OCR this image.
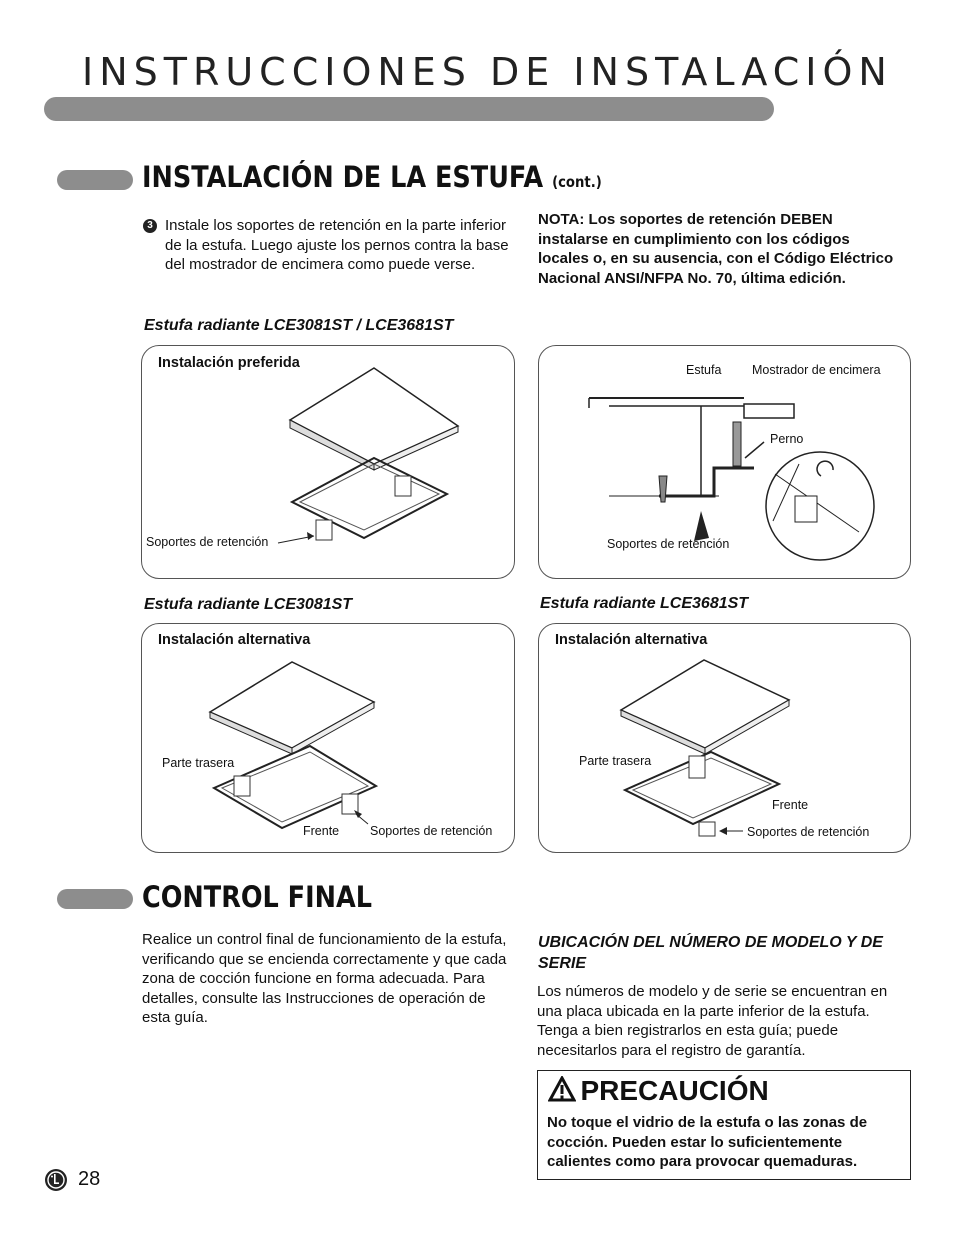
INSTRUCCIONES DE INSTALACIÓN
INSTALACIÓN DE LA ESTUFA (cont.)
3 Instale los soportes de retención en la parte inferior de la estufa. Luego ajuste los pernos contra la base del mostrador de encimera como puede verse.
NOTA: Los soportes de retención DEBEN instalarse en cumplimiento con los códigos locales o, en su ausencia, con el Código Eléctrico Nacional ANSI/NFPA No. 70, última edición.
Estufa radiante LCE3081ST / LCE3681ST
Instalación preferida
Soportes de retención
Estufa Mostrador de encimera
Perno
Soportes de retención
Estufa radiante LCE3081ST	Estufa radiante LCE3681ST
Instalación alternativa
Parte trasera
Frente Soportes de retención
Instalación alternativa
Parte trasera
Frente
Soportes de retención
CONTROL FINAL
Realice un control final de funcionamiento de la estufa, verificando que se encienda correctamente y que cada zona de cocción funcione en forma adecuada. Para detalles, consulte las Instrucciones de operación de esta guía.
UBICACIÓN DEL NÚMERO DE MODELO Y DE SERIE
Los números de modelo y de serie se encuentran en una placa ubicada en la parte inferior de la estufa. Tenga a bien registrarlos en esta guía; puede necesitarlos para el registro de garantía.
PRECAUCIÓN
No toque el vidrio de la estufa o las zonas de cocción. Pueden estar lo suficientemente calientes como para provocar quemaduras.
28
